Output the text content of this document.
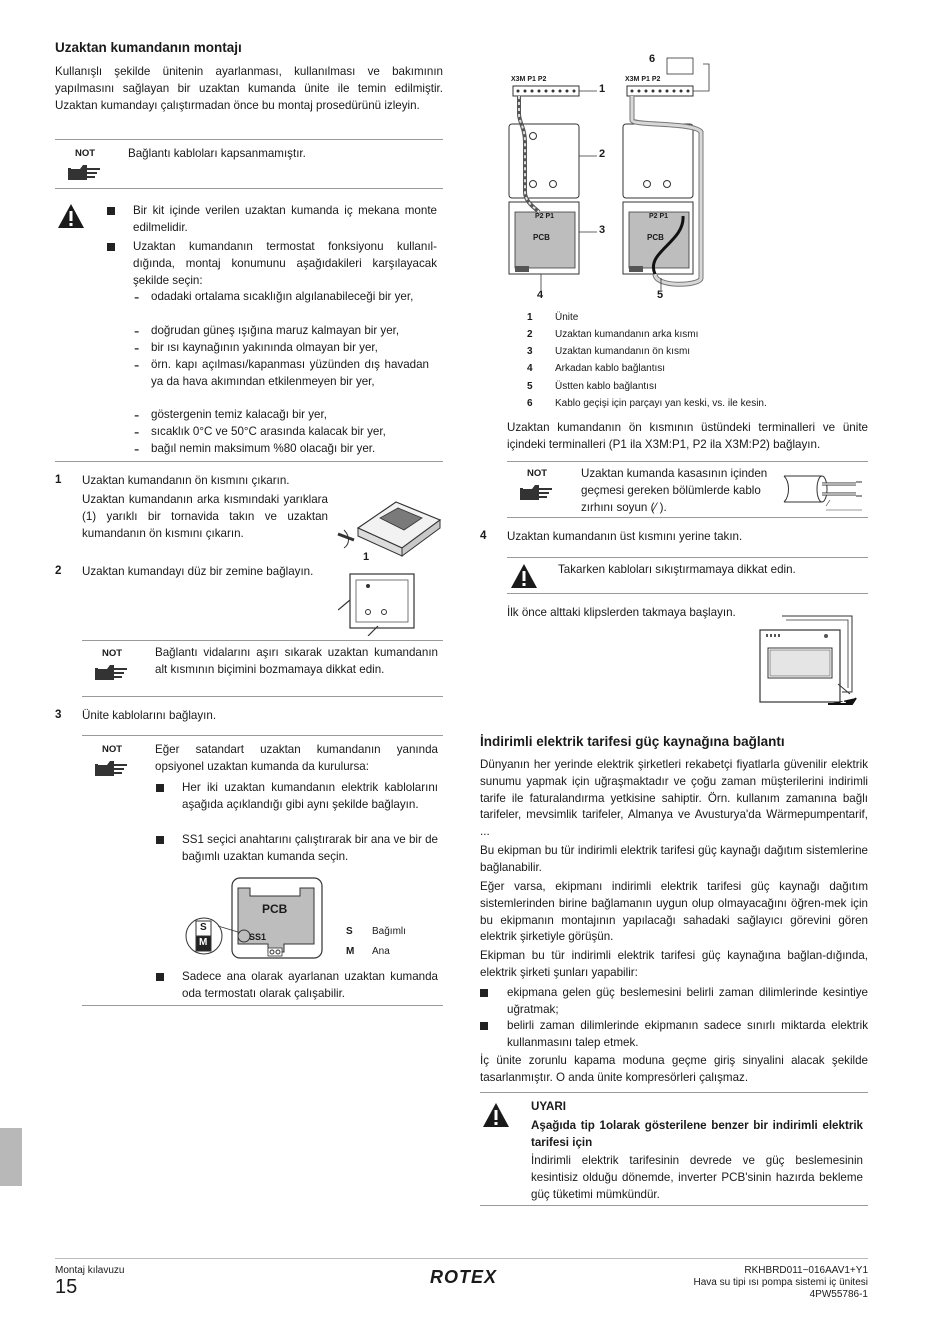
Uzaktan kumandanın montajı
Kullanışlı şekilde ünitenin ayarlanması, kullanılması ve bakımının yapılmasını sağlayan bir uzaktan kumanda ünite ile temin edilmiştir. Uzaktan kumandayı çalıştırmadan önce bu montaj prosedürünü izleyin.
NOT	Bağlantı kabloları kapsanmamıştır.
Bir kit içinde verilen uzaktan kumanda iç mekana monte edilmelidir.
Uzaktan kumandanın termostat fonksiyonu kullanıl-dığında, montaj konumunu aşağıdakileri karşılayacak şekilde seçin:
- odadaki ortalama sıcaklığın algılanabileceği bir yer,
- doğrudan güneş ışığına maruz kalmayan bir yer,
- bir ısı kaynağının yakınında olmayan bir yer,
- örn. kapı açılması/kapanması yüzünden dış havadan ya da hava akımından etkilenmeyen bir yer,
- göstergenin temiz kalacağı bir yer,
- sıcaklık 0°C ve 50°C arasında kalacak bir yer,
- bağıl nemin maksimum %80 olacağı bir yer.
1 Uzaktan kumandanın ön kısmını çıkarın.
Uzaktan kumandanın arka kısmındaki yarıklara (1) yarıklı bir tornavida takın ve uzaktan kumandanın ön kısmını çıkarın.
1
2 Uzaktan kumandayı düz bir zemine bağlayın.
NOT	Bağlantı vidalarını aşırı sıkarak uzaktan kumandanın alt kısmının biçimini bozmamaya dikkat edin.
3 Ünite kablolarını bağlayın.
NOT	Eğer satandart uzaktan kumandanın yanında opsiyonel uzaktan kumanda da kurulursa:
Her iki uzaktan kumandanın elektrik kablolarını aşağıda açıklandığı gibi aynı şekilde bağlayın.
SS1 seçici anahtarını çalıştırarak bir ana ve bir de bağımlı uzaktan kumanda seçin.
PCB
SS1
S
M
S Bağımlı
M Ana
Sadece ana olarak ayarlanan uzaktan kumanda oda termostatı olarak çalışabilir.
X3M P1 P2	X3M P1 P2
PCB	PCB
P2 P1	P2 P1
1
2
3
4	5
6
1 Ünite
2 Uzaktan kumandanın arka kısmı
3 Uzaktan kumandanın ön kısmı
4 Arkadan kablo bağlantısı
5 Üstten kablo bağlantısı
6 Kablo geçişi için parçayı yan keski, vs. ile kesin.
Uzaktan kumandanın ön kısmının üstündeki terminalleri ve ünite içindeki terminalleri (P1 ila X3M:P1, P2 ila X3M:P2) bağlayın.
NOT	Uzaktan kumanda kasasının içinden geçmesi gereken bölümlerde kablo zırhını soyun (⁄ ).
4 Uzaktan kumandanın üst kısmını yerine takın.
Takarken kabloları sıkıştırmamaya dikkat edin.
İlk önce alttaki klipslerden takmaya başlayın.
1
İndirimli elektrik tarifesi güç kaynağına bağlantı
Dünyanın her yerinde elektrik şirketleri rekabetçi fiyatlarla güvenilir elektrik sunumu yapmak için uğraşmaktadır ve çoğu zaman müşterilerini indirimli tarife ile faturalandırma yetkisine sahiptir. Örn. kullanım zamanına bağlı tarifeler, mevsimlik tarifeler, Almanya ve Avusturya'da Wärmepumpentarif, ...
Bu ekipman bu tür indirimli elektrik tarifesi güç kaynağı dağıtım sistemlerine bağlanabilir.
Eğer varsa, ekipmanı indirimli elektrik tarifesi güç kaynağı dağıtım sistemlerinden birine bağlamanın uygun olup olmayacağını öğren-mek için bu ekipmanın montajının yapılacağı sahadaki sağlayıcı görevini gören elektrik şirketiyle görüşün.
Ekipman bu tür indirimli elektrik tarifesi güç kaynağına bağlan-dığında, elektrik şirketi şunları yapabilir:
ekipmana gelen güç beslemesini belirli zaman dilimlerinde kesintiye uğratmak;
belirli zaman dilimlerinde ekipmanın sadece sınırlı miktarda elektrik kullanmasını talep etmek.
İç ünite zorunlu kapama moduna geçme giriş sinyalini alacak şekilde tasarlanmıştır. O anda ünite kompresörleri çalışmaz.
UYARI
Aşağıda tip 1olarak gösterilene benzer bir indirimli elektrik tarifesi için
İndirimli elektrik tarifesinin devrede ve güç beslemesinin kesintisiz olduğu dönemde, inverter PCB'sinin hazırda bekleme güç tüketimi mümkündür.
Montaj kılavuzu
15	ROTEX	RKHBRD011~016AAV1+Y1
Hava su tipi ısı pompa sistemi iç ünitesi
4PW55786-1
